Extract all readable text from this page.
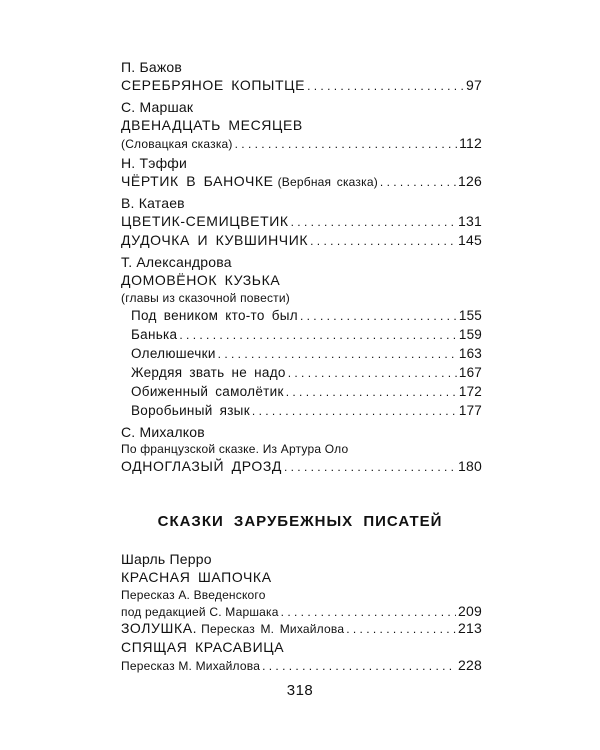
П. Бажов
СЕРЕБРЯНОЕ КОПЫТЦЕ . . .	97
С. Маршак
ДВЕНАДЦАТЬ МЕСЯЦЕВ
(Словацкая сказка) . . .	112
Н. Тэффи
ЧЁРТИК В БАНОЧКЕ (Вербная сказка) . . .	126
В. Катаев
ЦВЕТИК-СЕМИЦВЕТИК . . .	131
ДУДОЧКА И КУВШИНЧИК . . .	145
Т. Александрова
ДОМОВЁНОК КУЗЬКА
(главы из сказочной повести)
Под веником кто-то был . . .	155
Банька . . .	159
Олелюшечки . . .	163
Жердяя звать не надо . . .	167
Обиженный самолётик . . .	172
Воробьиный язык . . .	177
С. Михалков
По французской сказке. Из Артура Оло
ОДНОГЛАЗЫЙ ДРОЗД . . .	180
СКАЗКИ ЗАРУБЕЖНЫХ ПИСАТЕЙ
Шарль Перро
КРАСНАЯ ШАПОЧКА
Пересказ А. Введенского
под редакцией С. Маршака . . .	209
ЗОЛУШКА. Пересказ М. Михайлова . . .	213
СПЯЩАЯ КРАСАВИЦА
Пересказ М. Михайлова . . .	228
318
